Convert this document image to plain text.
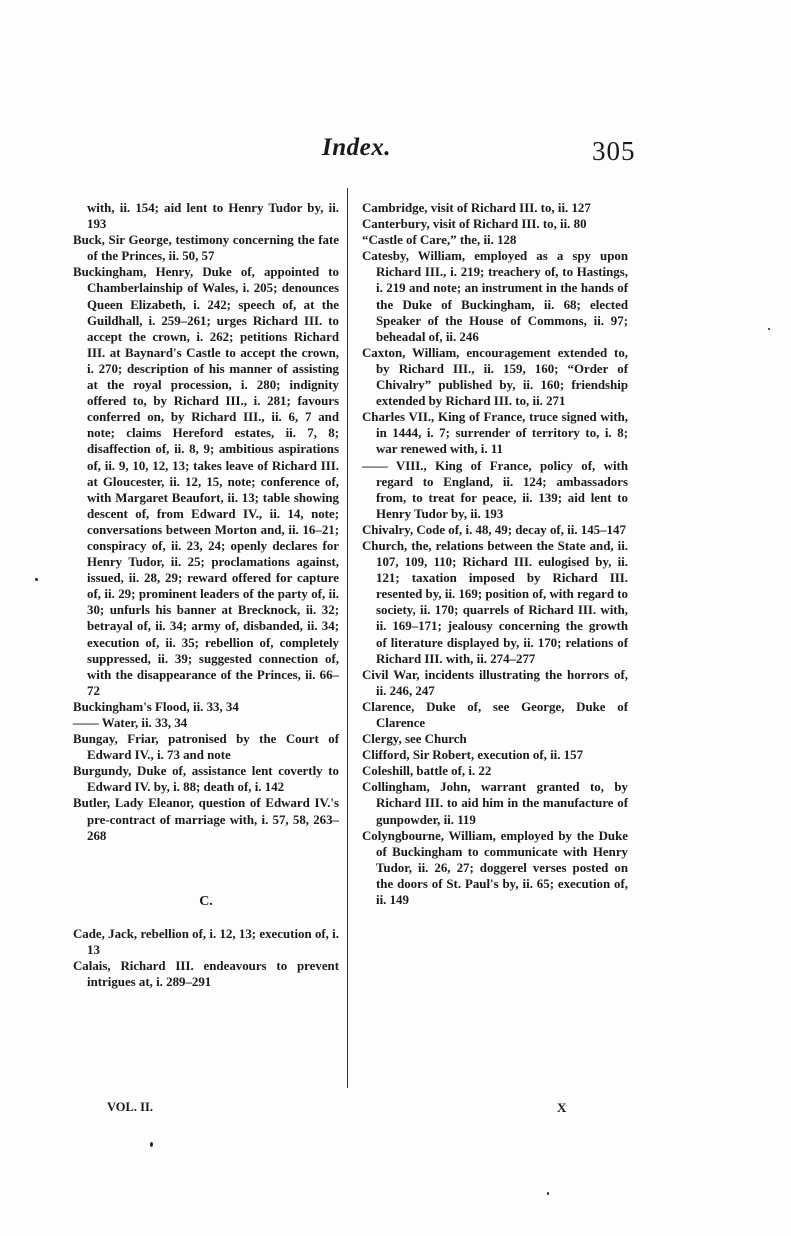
Index.	305

with, ii. 154; aid lent to Henry Tudor by, ii. 193

Buck, Sir George, testimony concerning the fate of the Princes, ii. 50, 57

Buckingham, Henry, Duke of, appointed to Chamberlainship of Wales, i. 205; denounces Queen Elizabeth, i. 242; speech of, at the Guildhall, i. 259–261; urges Richard III. to accept the crown, i. 262; petitions Richard III. at Baynard's Castle to accept the crown, i. 270; description of his manner of assisting at the royal procession, i. 280; indignity offered to, by Richard III., i. 281; favours conferred on, by Richard III., ii. 6, 7 and note; claims Hereford estates, ii. 7, 8; disaffection of, ii. 8, 9; ambitious aspirations of, ii. 9, 10, 12, 13; takes leave of Richard III. at Gloucester, ii. 12, 15, note; conference of, with Margaret Beaufort, ii. 13; table showing descent of, from Edward IV., ii. 14, note; conversations between Morton and, ii. 16–21; conspiracy of, ii. 23, 24; openly declares for Henry Tudor, ii. 25; proclamations against, issued, ii. 28, 29; reward offered for capture of, ii. 29; prominent leaders of the party of, ii. 30; unfurls his banner at Brecknock, ii. 32; betrayal of, ii. 34; army of, disbanded, ii. 34; execution of, ii. 35; rebellion of, completely suppressed, ii. 39; suggested connection of, with the disappearance of the Princes, ii. 66–72

Buckingham's Flood, ii. 33, 34

—— Water, ii. 33, 34

Bungay, Friar, patronised by the Court of Edward IV., i. 73 and note

Burgundy, Duke of, assistance lent covertly to Edward IV. by, i. 88; death of, i. 142

Butler, Lady Eleanor, question of Edward IV.'s pre-contract of marriage with, i. 57, 58, 263–268

C.

Cade, Jack, rebellion of, i. 12, 13; execution of, i. 13

Calais, Richard III. endeavours to prevent intrigues at, i. 289–291

Cambridge, visit of Richard III. to, ii. 127

Canterbury, visit of Richard III. to, ii. 80

“Castle of Care,” the, ii. 128

Catesby, William, employed as a spy upon Richard III., i. 219; treachery of, to Hastings, i. 219 and note; an instrument in the hands of the Duke of Buckingham, ii. 68; elected Speaker of the House of Commons, ii. 97; beheadal of, ii. 246

Caxton, William, encouragement extended to, by Richard III., ii. 159, 160; “Order of Chivalry” published by, ii. 160; friendship extended by Richard III. to, ii. 271

Charles VII., King of France, truce signed with, in 1444, i. 7; surrender of territory to, i. 8; war renewed with, i. 11

—— VIII., King of France, policy of, with regard to England, ii. 124; ambassadors from, to treat for peace, ii. 139; aid lent to Henry Tudor by, ii. 193

Chivalry, Code of, i. 48, 49; decay of, ii. 145–147

Church, the, relations between the State and, ii. 107, 109, 110; Richard III. eulogised by, ii. 121; taxation imposed by Richard III. resented by, ii. 169; position of, with regard to society, ii. 170; quarrels of Richard III. with, ii. 169–171; jealousy concerning the growth of literature displayed by, ii. 170; relations of Richard III. with, ii. 274–277

Civil War, incidents illustrating the horrors of, ii. 246, 247

Clarence, Duke of, see George, Duke of Clarence

Clergy, see Church

Clifford, Sir Robert, execution of, ii. 157

Coleshill, battle of, i. 22

Collingham, John, warrant granted to, by Richard III. to aid him in the manufacture of gunpowder, ii. 119

Colyngbourne, William, employed by the Duke of Buckingham to communicate with Henry Tudor, ii. 26, 27; doggerel verses posted on the doors of St. Paul's by, ii. 65; execution of, ii. 149

VOL. II.	X
